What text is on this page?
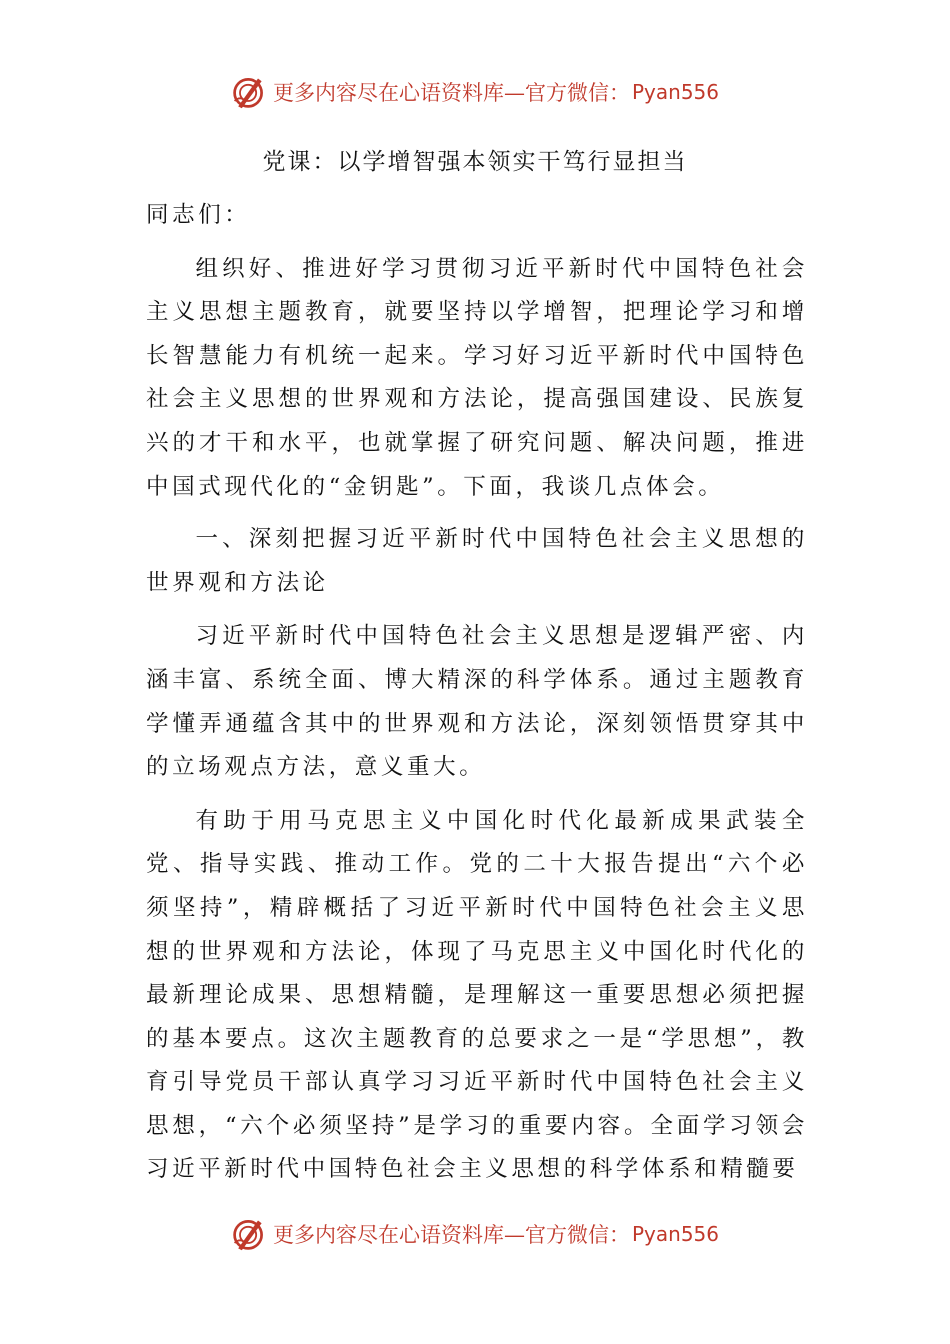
更多内容尽在心语资料库—官方微信： Pyan556
党课：以学增智强本领实干笃行显担当

同志们：

组织好、推进好学习贯彻习近平新时代中国特色社会主义思想主题教育，就要坚持以学增智，把理论学习和增长智慧能力有机统一起来。学习好习近平新时代中国特色社会主义思想的世界观和方法论，提高强国建设、民族复兴的才干和水平，也就掌握了研究问题、解决问题，推进中国式现代化的“金钥匙”。下面，我谈几点体会。

一、深刻把握习近平新时代中国特色社会主义思想的世界观和方法论

习近平新时代中国特色社会主义思想是逻辑严密、内涵丰富、系统全面、博大精深的科学体系。通过主题教育学懂弄通蕴含其中的世界观和方法论，深刻领悟贯穿其中的立场观点方法，意义重大。

有助于用马克思主义中国化时代化最新成果武装全党、指导实践、推动工作。党的二十大报告提出“六个必须坚持”，精辟概括了习近平新时代中国特色社会主义思想的世界观和方法论，体现了马克思主义中国化时代化的最新理论成果、思想精髓，是理解这一重要思想必须把握的基本要点。这次主题教育的总要求之一是“学思想”，教育引导党员干部认真学习习近平新时代中国特色社会主义思想，“六个必须坚持”是学习的重要内容。全面学习领会习近平新时代中国特色社会主义思想的科学体系和精髓要

更多内容尽在心语资料库—官方微信： Pyan556
